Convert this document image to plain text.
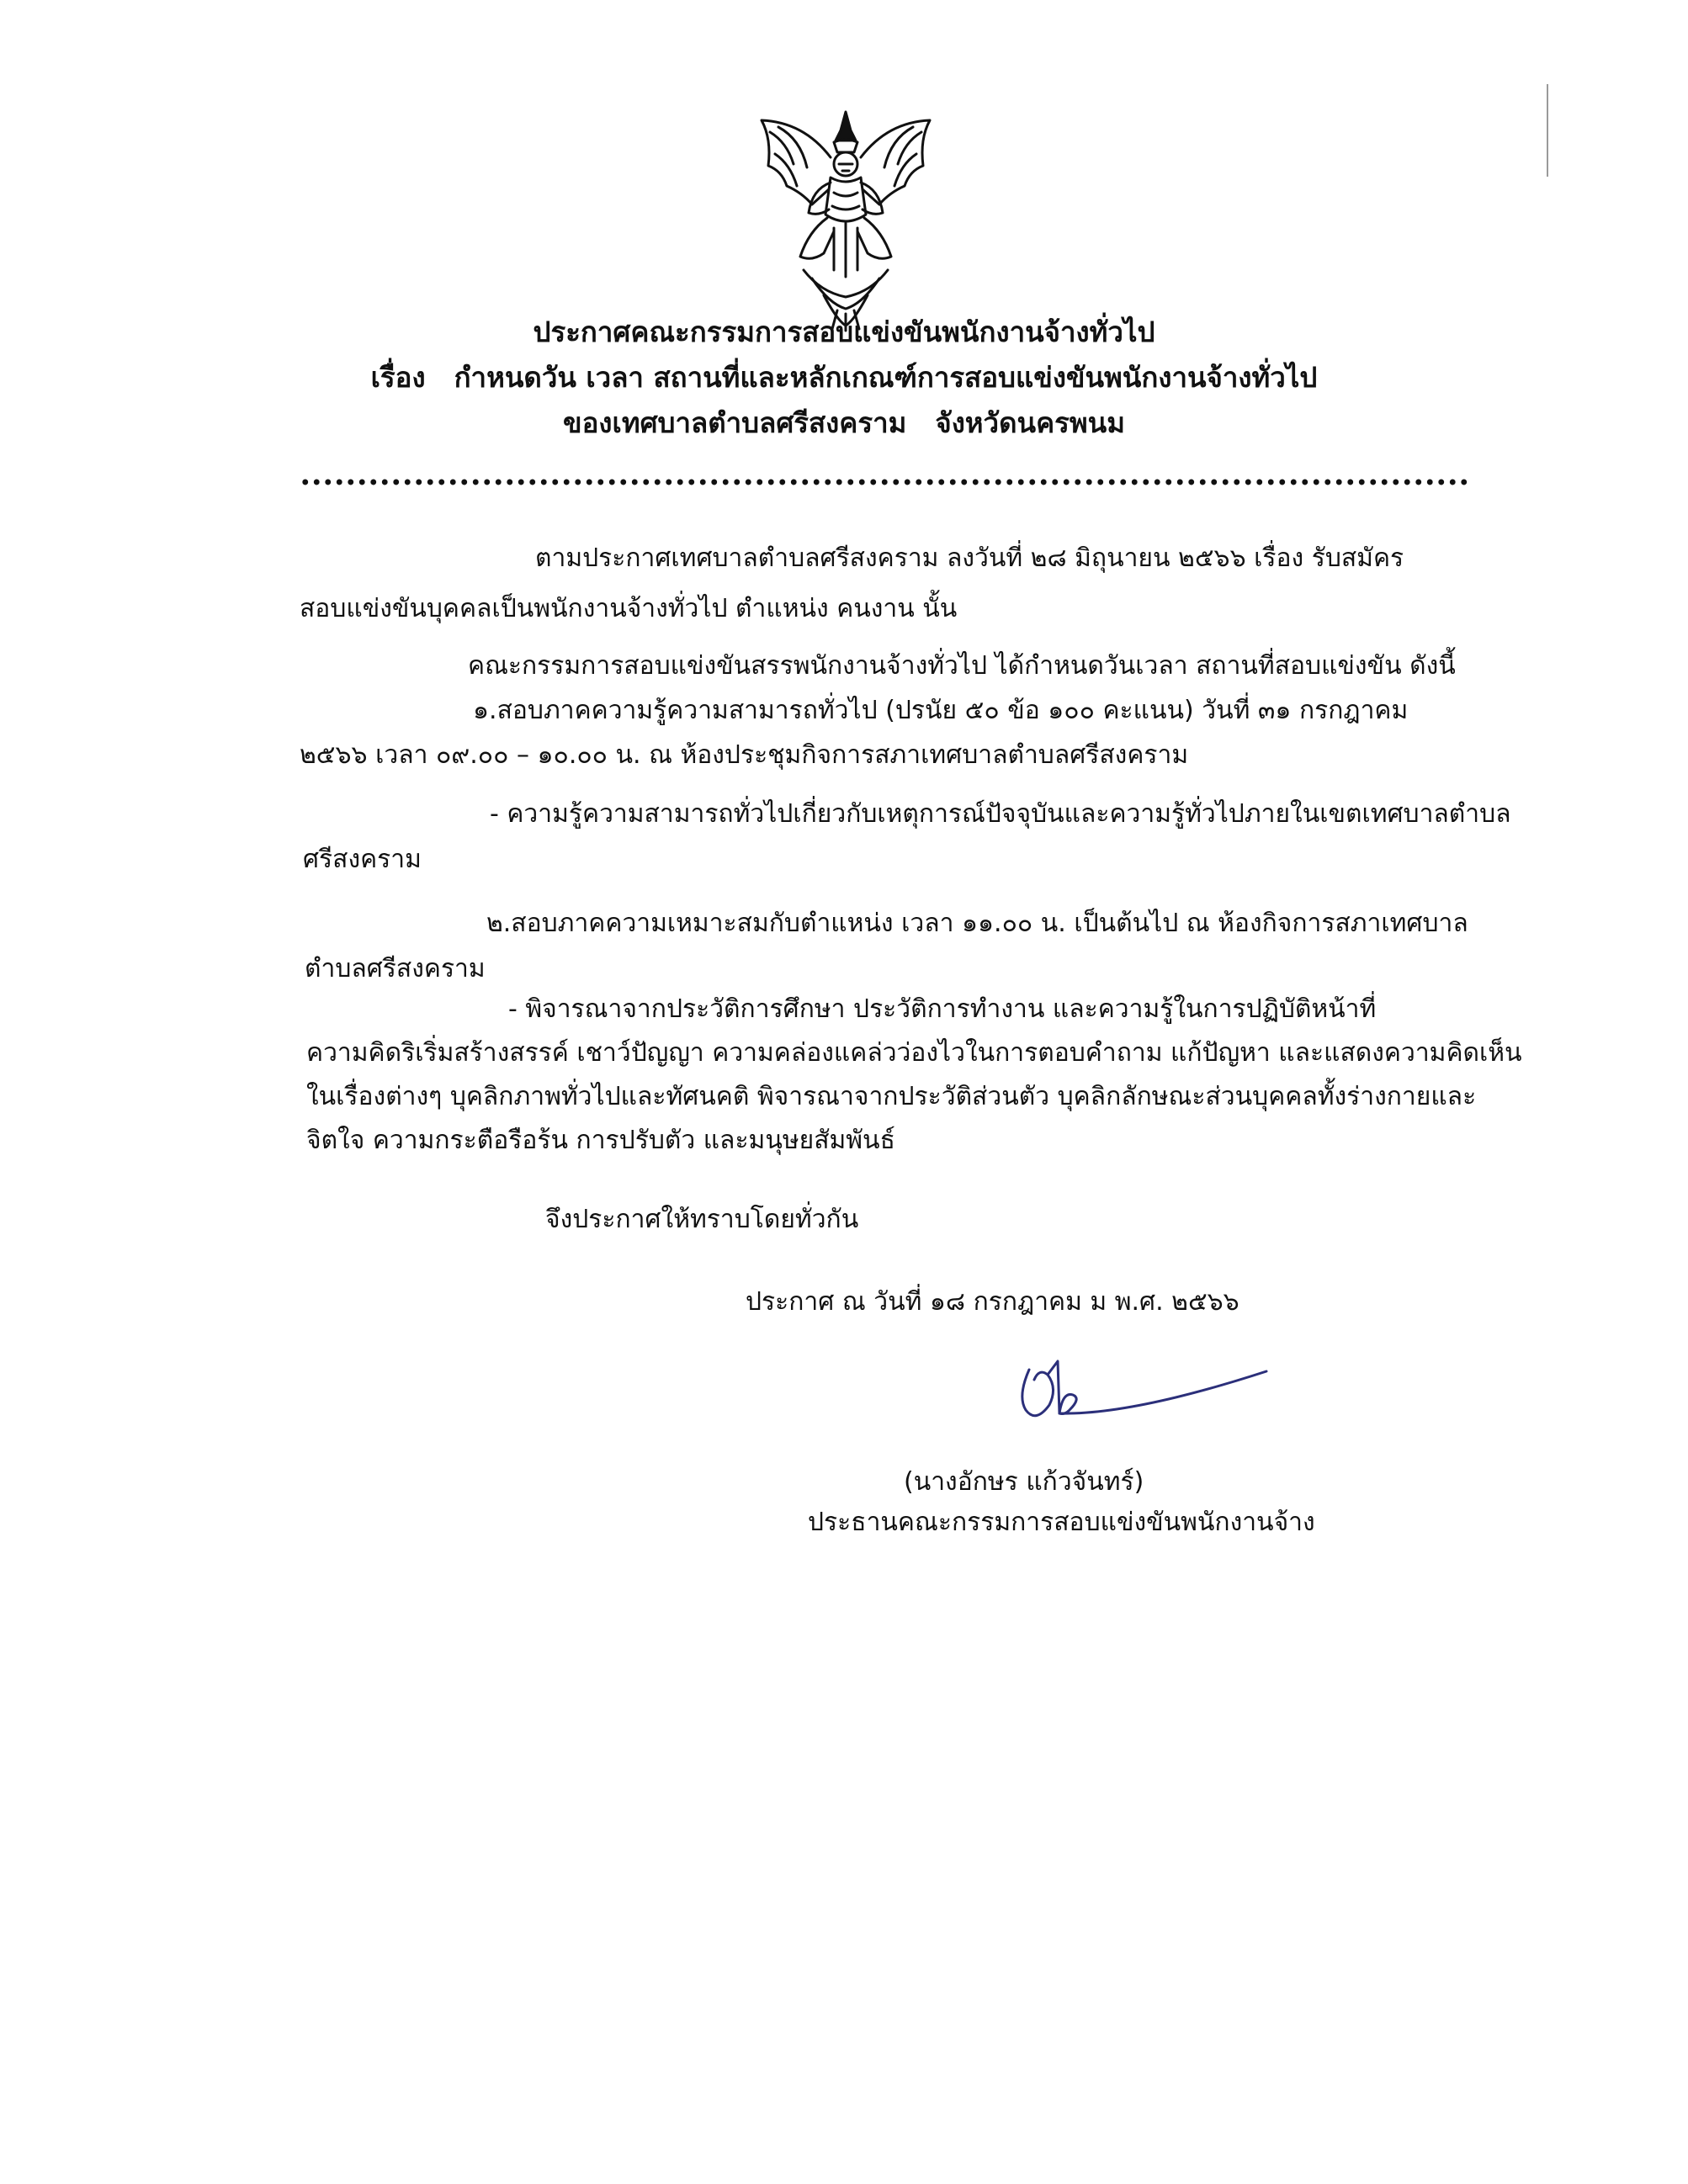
ประกาศคณะกรรมการสอบแข่งขันพนักงานจ้างทั่วไป
เรื่อง กำหนดวัน เวลา สถานที่และหลักเกณฑ์การสอบแข่งขันพนักงานจ้างทั่วไป
ของเทศบาลตำบลศรีสงคราม จังหวัดนครพนม
ตามประกาศเทศบาลตำบลศรีสงคราม ลงวันที่ ๒๘ มิถุนายน ๒๕๖๖ เรื่อง รับสมัคร
สอบแข่งขันบุคคลเป็นพนักงานจ้างทั่วไป ตำแหน่ง คนงาน นั้น
คณะกรรมการสอบแข่งขันสรรพนักงานจ้างทั่วไป ได้กำหนดวันเวลา สถานที่สอบแข่งขัน ดังนี้
๑.สอบภาคความรู้ความสามารถทั่วไป (ปรนัย ๕๐ ข้อ ๑๐๐ คะแนน) วันที่ ๓๑ กรกฎาคม
๒๕๖๖ เวลา ๐๙.๐๐ – ๑๐.๐๐ น. ณ ห้องประชุมกิจการสภาเทศบาลตำบลศรีสงคราม
- ความรู้ความสามารถทั่วไปเกี่ยวกับเหตุการณ์ปัจจุบันและความรู้ทั่วไปภายในเขตเทศบาลตำบล
ศรีสงคราม
๒.สอบภาคความเหมาะสมกับตำแหน่ง เวลา ๑๑.๐๐ น. เป็นต้นไป ณ ห้องกิจการสภาเทศบาล
ตำบลศรีสงคราม
- พิจารณาจากประวัติการศึกษา ประวัติการทำงาน และความรู้ในการปฏิบัติหน้าที่
ความคิดริเริ่มสร้างสรรค์ เชาว์ปัญญา ความคล่องแคล่วว่องไวในการตอบคำถาม แก้ปัญหา และแสดงความคิดเห็น
ในเรื่องต่างๆ บุคลิกภาพทั่วไปและทัศนคติ พิจารณาจากประวัติส่วนตัว บุคลิกลักษณะส่วนบุคคลทั้งร่างกายและ
จิตใจ ความกระตือรือร้น การปรับตัว และมนุษยสัมพันธ์
จึงประกาศให้ทราบโดยทั่วกัน
ประกาศ ณ วันที่ ๑๘ กรกฎาคม ม พ.ศ. ๒๕๖๖
(นางอักษร แก้วจันทร์)
ประธานคณะกรรมการสอบแข่งขันพนักงานจ้าง
